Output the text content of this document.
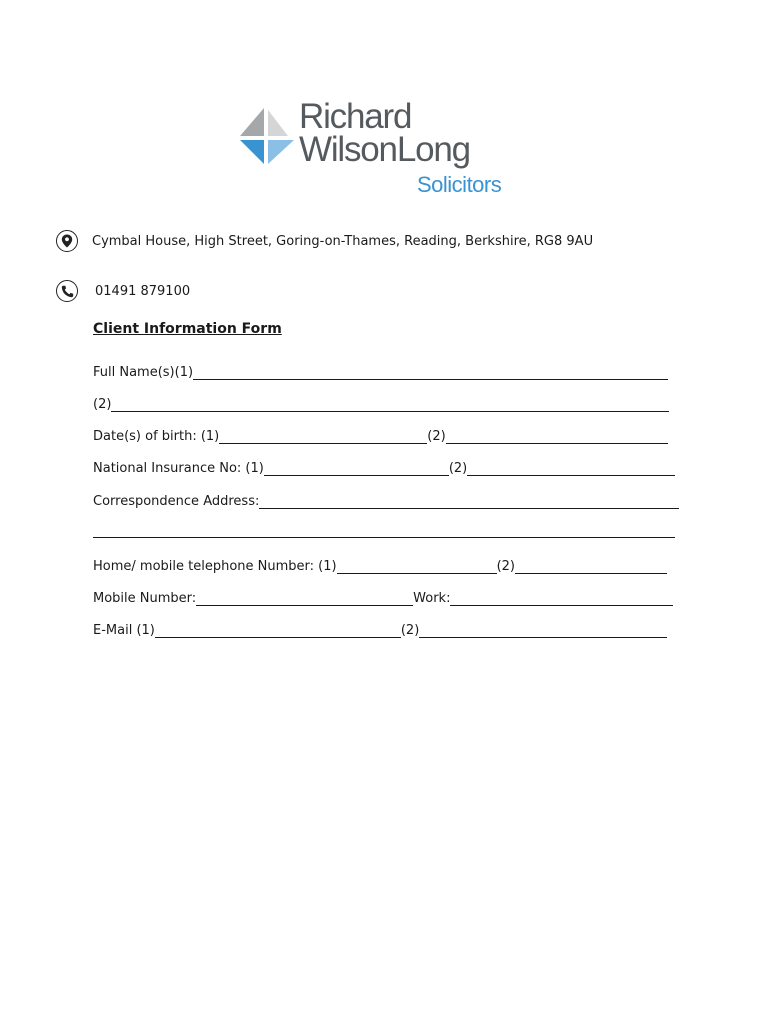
Richard
WilsonLong
Solicitors
Cymbal House, High Street, Goring-on-Thames, Reading, Berkshire, RG8 9AU
01491 879100
Client Information Form
Full Name(s)(1)
(2)
Date(s) of birth: (1)	(2)
National Insurance No: (1)	(2)
Correspondence Address:
Home/ mobile telephone Number: (1)	(2)
Mobile Number:	Work:
E-Mail (1)	(2)
